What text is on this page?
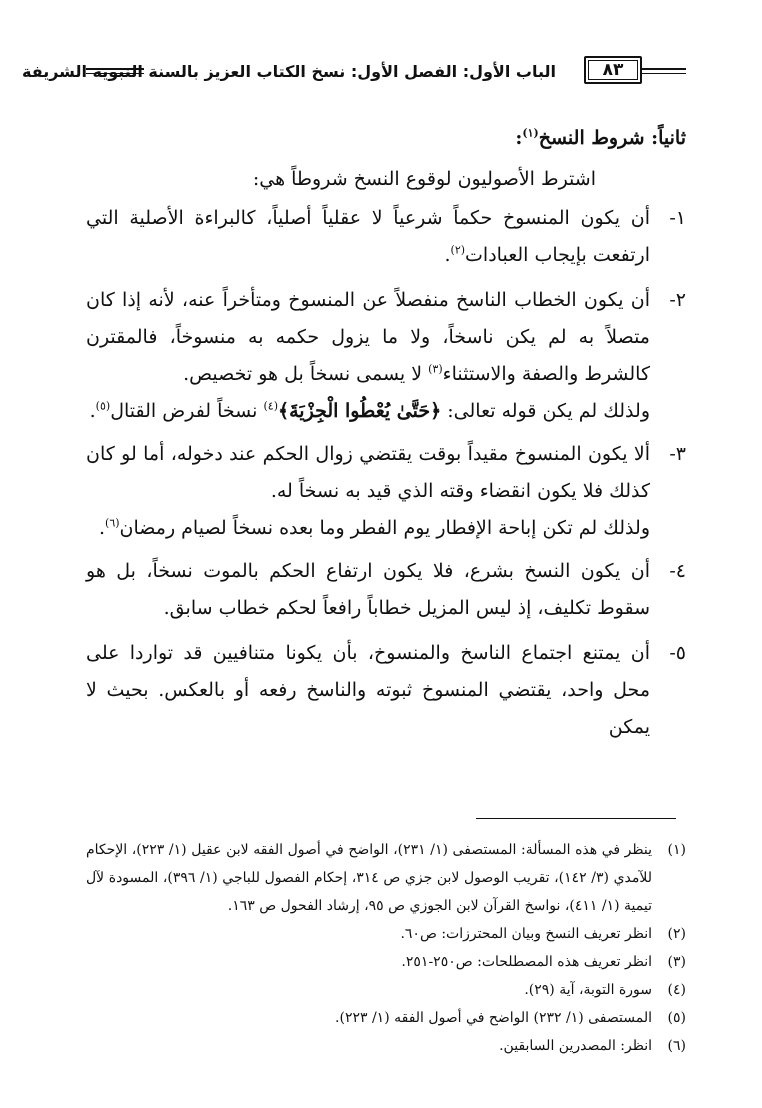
الباب الأول: الفصل الأول: نسخ الكتاب العزيز بالسنة النبوية الشريفة	٨٣
ثانياً: شروط النسخ$^{(١)}$:

اشترط الأصوليون لوقوع النسخ شروطاً هي:

١-
أن يكون المنسوخ حكماً شرعياً لا عقلياً أصلياً، كالبراءة الأصلية التي ارتفعت بإيجاب العبادات$^{(٢)}$.
٢-
أن يكون الخطاب الناسخ منفصلاً عن المنسوخ ومتأخراً عنه، لأنه إذا كان متصلاً به لم يكن ناسخاً، ولا ما يزول حكمه به منسوخاً، فالمقترن كالشرط والصفة والاستثناء$^{(٣)}$ لا يسمى نسخاً بل هو تخصيص.

ولذلك لم يكن قوله تعالى: ﴿حَتَّىٰ يُعْطُوا الْجِزْيَةَ﴾$^{(٤)}$ نسخاً لفرض القتال$^{(٥)}$.

٣-
ألا يكون المنسوخ مقيداً بوقت يقتضي زوال الحكم عند دخوله، أما لو كان كذلك فلا يكون انقضاء وقته الذي قيد به نسخاً له.

ولذلك لم تكن إباحة الإفطار يوم الفطر وما بعده نسخاً لصيام رمضان$^{(٦)}$.

٤-
أن يكون النسخ بشرع، فلا يكون ارتفاع الحكم بالموت نسخاً، بل هو سقوط تكليف، إذ ليس المزيل خطاباً رافعاً لحكم خطاب سابق.
٥-
أن يمتنع اجتماع الناسخ والمنسوخ، بأن يكونا متنافيين قد تواردا على محل واحد، يقتضي المنسوخ ثبوته والناسخ رفعه أو بالعكس. بحيث لا يمكن
(١)
ينظر في هذه المسألة: المستصفى (١/ ٢٣١)، الواضح في أصول الفقه لابن عقيل (١/ ٢٢٣)، الإحكام للآمدي (٣/ ١٤٢)، تقريب الوصول لابن جزي ص ٣١٤، إحكام الفصول للباجي (١/ ٣٩٦)، المسودة لآل تيمية (١/ ٤١١)، نواسخ القرآن لابن الجوزي ص ٩٥، إرشاد الفحول ص ١٦٣.
(٢)
انظر تعريف النسخ وبيان المحترزات: ص٦٠.
(٣)
انظر تعريف هذه المصطلحات: ص٢٥٠-٢٥١.
(٤)
سورة التوبة، آية (٢٩).
(٥)
المستصفى (١/ ٢٣٢) الواضح في أصول الفقه (١/ ٢٢٣).
(٦)
انظر: المصدرين السابقين.
